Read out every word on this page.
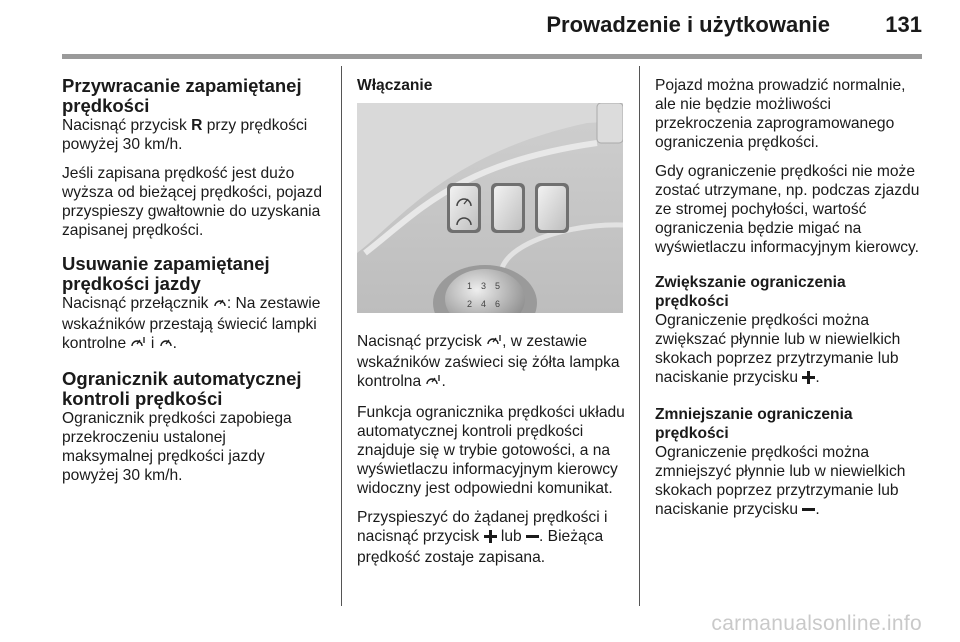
Prowadzenie i użytkowanie	131
Przywracanie zapamiętanej
prędkości

Nacisnąć przycisk R przy prędkości powyżej 30 km/h.

Jeśli zapisana prędkość jest dużo wyższa od bieżącej prędkości, pojazd przyspieszy gwałtownie do uzyskania zapisanej prędkości.

Usuwanie zapamiętanej
prędkości jazdy

Nacisnąć przełącznik : Na zestawie wskaźników przestają świecić lampki kontrolne  i .

Ogranicznik automatycznej
kontroli prędkości

Ogranicznik prędkości zapobiega
przekroczeniu ustalonej
maksymalnej prędkości jazdy
powyżej 30 km/h.

Włączanie
1 3 5
2 4 6

Nacisnąć przycisk , w zestawie wskaźników zaświeci się żółta lampka kontrolna .

Funkcja ogranicznika prędkości układu automatycznej kontroli prędkości znajduje się w trybie gotowości, a na wyświetlaczu informacyjnym kierowcy widoczny jest odpowiedni komunikat.

Przyspieszyć do żądanej prędkości i nacisnąć przycisk  lub . Bieżąca prędkość zostaje zapisana.

Pojazd można prowadzić normalnie, ale nie będzie możliwości przekroczenia zaprogramowanego ograniczenia prędkości.

Gdy ograniczenie prędkości nie może zostać utrzymane, np. podczas zjazdu ze stromej pochyłości, wartość ograniczenia będzie migać na wyświetlaczu informacyjnym kierowcy.

Zwiększanie ograniczenia prędkości

Ograniczenie prędkości można zwiększać płynnie lub w niewielkich skokach poprzez przytrzymanie lub naciskanie przycisku .

Zmniejszanie ograniczenia prędkości

Ograniczenie prędkości można zmniejszyć płynnie lub w niewielkich skokach poprzez przytrzymanie lub naciskanie przycisku .

carmanualsonline.info
